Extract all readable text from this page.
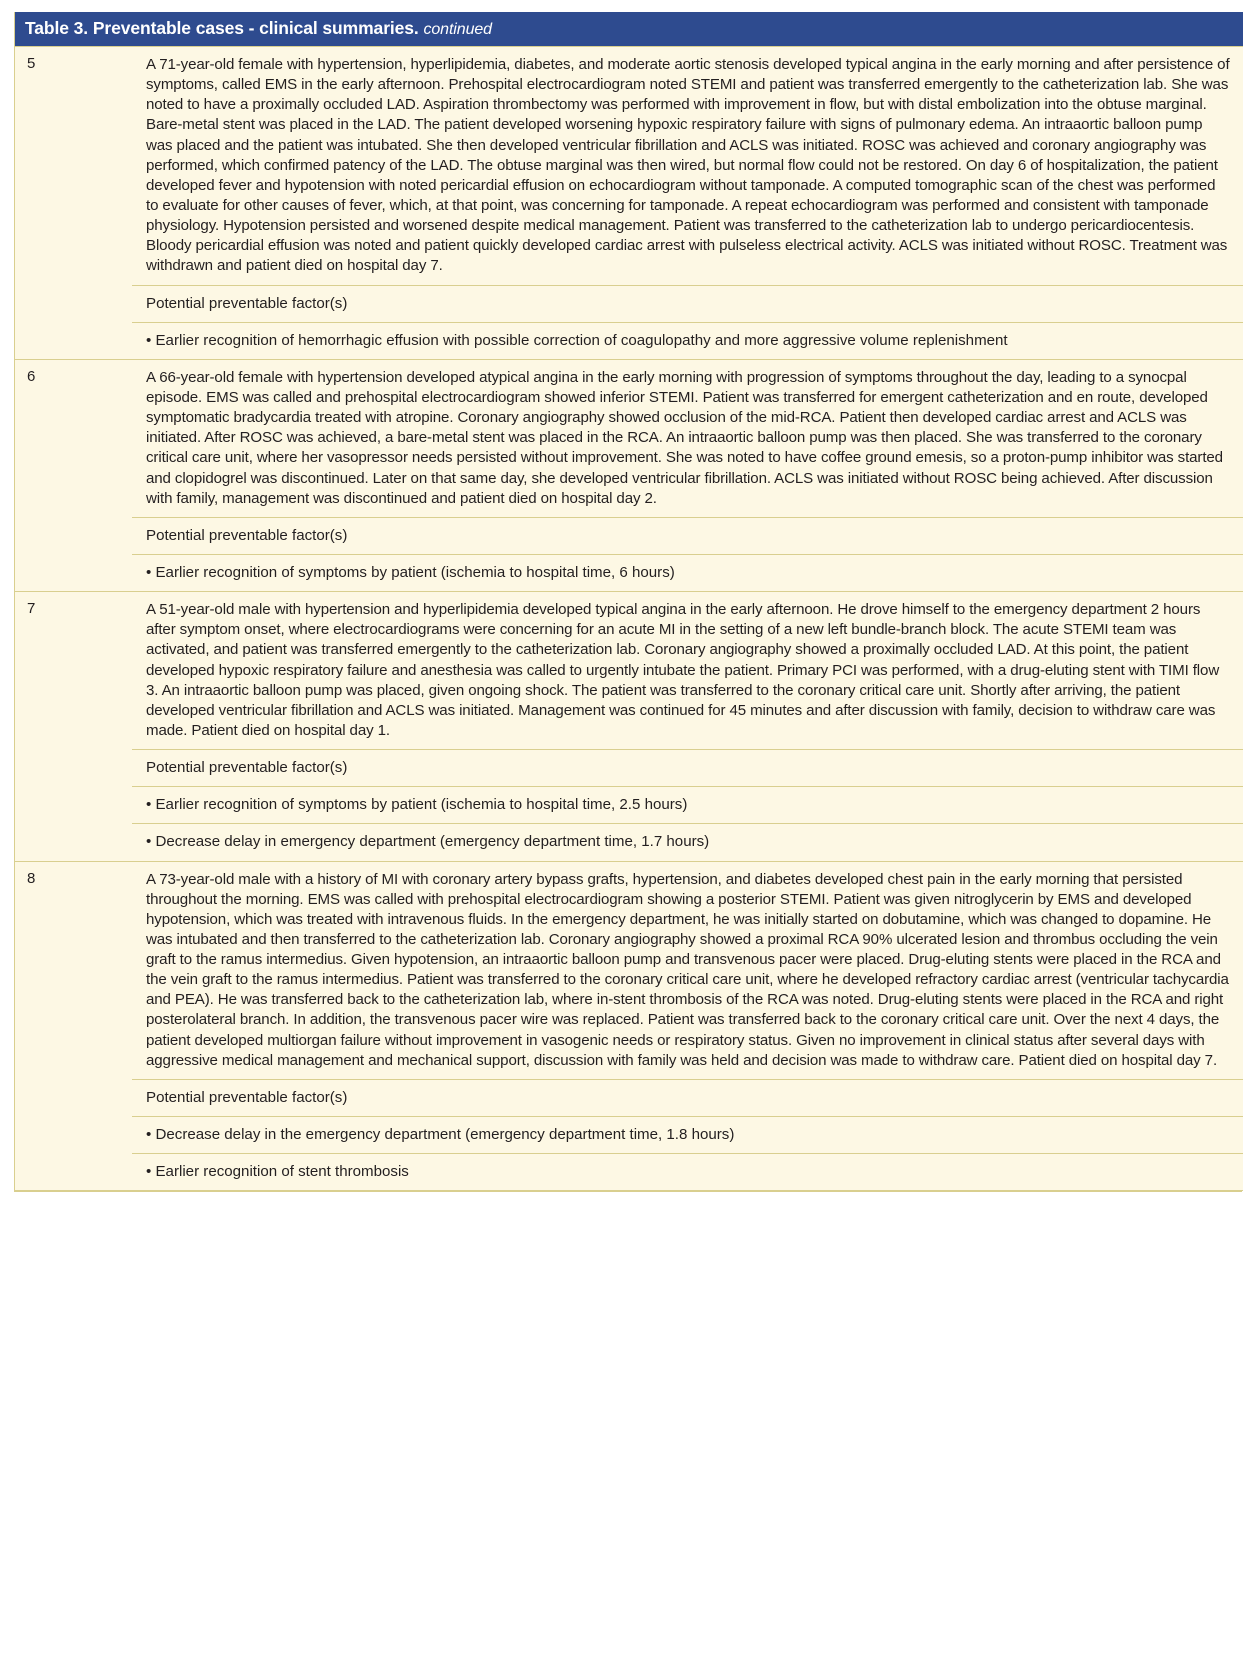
Table 3. Preventable cases - clinical summaries. continued
5	A 71-year-old female with hypertension, hyperlipidemia, diabetes, and moderate aortic stenosis developed typical angina in the early morning and after persistence of symptoms, called EMS in the early afternoon. Prehospital electrocardiogram noted STEMI and patient was transferred emergently to the catheterization lab. She was noted to have a proximally occluded LAD. Aspiration thrombectomy was performed with improvement in flow, but with distal embolization into the obtuse marginal. Bare-metal stent was placed in the LAD. The patient developed worsening hypoxic respiratory failure with signs of pulmonary edema. An intraaortic balloon pump was placed and the patient was intubated. She then developed ventricular fibrillation and ACLS was initiated. ROSC was achieved and coronary angiography was performed, which confirmed patency of the LAD. The obtuse marginal was then wired, but normal flow could not be restored. On day 6 of hospitalization, the patient developed fever and hypotension with noted pericardial effusion on echocardiogram without tamponade. A computed tomographic scan of the chest was performed to evaluate for other causes of fever, which, at that point, was concerning for tamponade. A repeat echocardiogram was performed and consistent with tamponade physiology. Hypotension persisted and worsened despite medical management. Patient was transferred to the catheterization lab to undergo pericardiocentesis. Bloody pericardial effusion was noted and patient quickly developed cardiac arrest with pulseless electrical activity. ACLS was initiated without ROSC. Treatment was withdrawn and patient died on hospital day 7.
	Potential preventable factor(s)

	• Earlier recognition of hemorrhagic effusion with possible correction of coagulopathy and more aggressive volume replenishment

6	A 66-year-old female with hypertension developed atypical angina in the early morning with progression of symptoms throughout the day, leading to a synocpal episode. EMS was called and prehospital electrocardiogram showed inferior STEMI. Patient was transferred for emergent catheterization and en route, developed symptomatic bradycardia treated with atropine. Coronary angiography showed occlusion of the mid-RCA. Patient then developed cardiac arrest and ACLS was initiated. After ROSC was achieved, a bare-metal stent was placed in the RCA. An intraaortic balloon pump was then placed. She was transferred to the coronary critical care unit, where her vasopressor needs persisted without improvement. She was noted to have coffee ground emesis, so a proton-pump inhibitor was started and clopidogrel was discontinued. Later on that same day, she developed ventricular fibrillation. ACLS was initiated without ROSC being achieved. After discussion with family, management was discontinued and patient died on hospital day 2.
	Potential preventable factor(s)

	• Earlier recognition of symptoms by patient (ischemia to hospital time, 6 hours)

7	A 51-year-old male with hypertension and hyperlipidemia developed typical angina in the early afternoon. He drove himself to the emergency department 2 hours after symptom onset, where electrocardiograms were concerning for an acute MI in the setting of a new left bundle-branch block. The acute STEMI team was activated, and patient was transferred emergently to the catheterization lab. Coronary angiography showed a proximally occluded LAD. At this point, the patient developed hypoxic respiratory failure and anesthesia was called to urgently intubate the patient. Primary PCI was performed, with a drug-eluting stent with TIMI flow 3. An intraaortic balloon pump was placed, given ongoing shock. The patient was transferred to the coronary critical care unit. Shortly after arriving, the patient developed ventricular fibrillation and ACLS was initiated. Management was continued for 45 minutes and after discussion with family, decision to withdraw care was made. Patient died on hospital day 1.
	Potential preventable factor(s)

	• Earlier recognition of symptoms by patient (ischemia to hospital time, 2.5 hours)

	• Decrease delay in emergency department (emergency department time, 1.7 hours)

8	A 73-year-old male with a history of MI with coronary artery bypass grafts, hypertension, and diabetes developed chest pain in the early morning that persisted throughout the morning. EMS was called with prehospital electrocardiogram showing a posterior STEMI. Patient was given nitroglycerin by EMS and developed hypotension, which was treated with intravenous fluids. In the emergency department, he was initially started on dobutamine, which was changed to dopamine. He was intubated and then transferred to the catheterization lab. Coronary angiography showed a proximal RCA 90% ulcerated lesion and thrombus occluding the vein graft to the ramus intermedius. Given hypotension, an intraaortic balloon pump and transvenous pacer were placed. Drug-eluting stents were placed in the RCA and the vein graft to the ramus intermedius. Patient was transferred to the coronary critical care unit, where he developed refractory cardiac arrest (ventricular tachycardia and PEA). He was transferred back to the catheterization lab, where in-stent thrombosis of the RCA was noted. Drug-eluting stents were placed in the RCA and right posterolateral branch. In addition, the transvenous pacer wire was replaced. Patient was transferred back to the coronary critical care unit. Over the next 4 days, the patient developed multiorgan failure without improvement in vasogenic needs or respiratory status. Given no improvement in clinical status after several days with aggressive medical management and mechanical support, discussion with family was held and decision was made to withdraw care. Patient died on hospital day 7.
	Potential preventable factor(s)

	• Decrease delay in the emergency department (emergency department time, 1.8 hours)

	• Earlier recognition of stent thrombosis
